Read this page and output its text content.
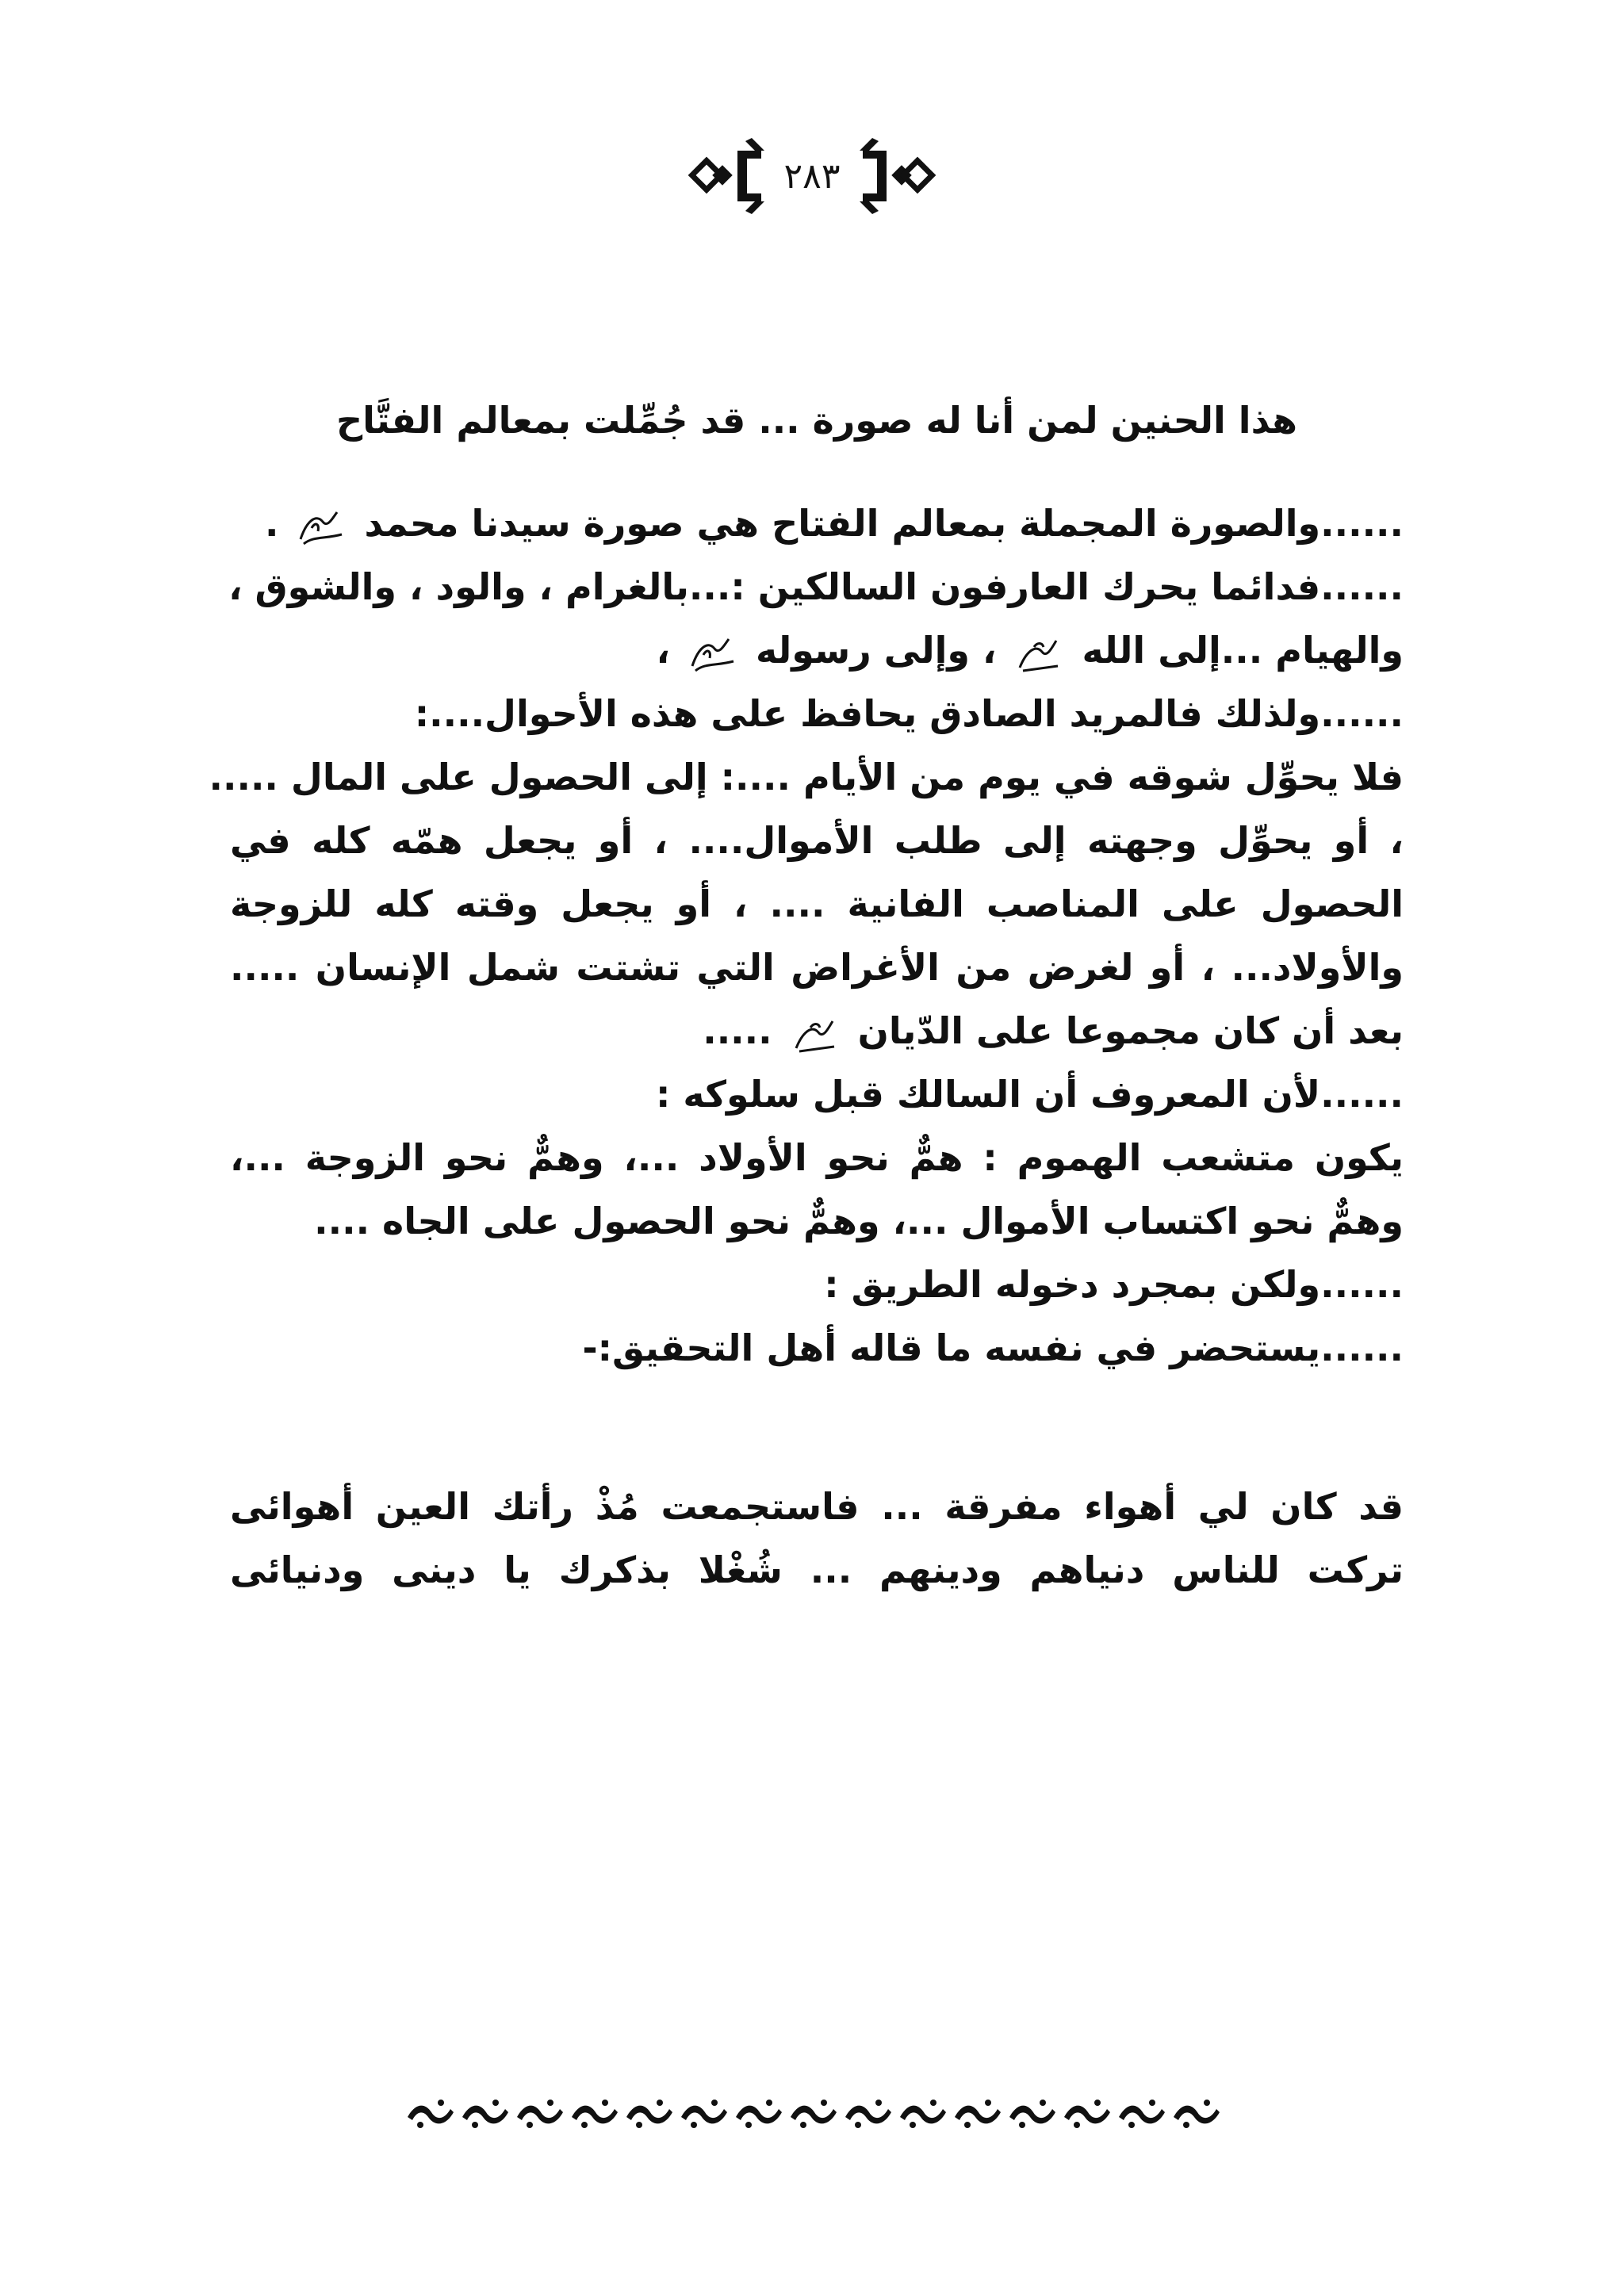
٢٨٣
هذا الحنين لمن أنا له صورة ... قد جُمِّلت بمعالم الفتَّاح
......والصورة المجملة بمعالم الفتاح هي صورة سيدنا محمد  .
......فدائما يحرك العارفون السالكين :...بالغرام ، والود ، والشوق ،
والهيام ...إلى الله  ، وإلى رسوله  ،
......ولذلك فالمريد الصادق يحافظ على هذه الأحوال....:
فلا يحوِّل شوقه في يوم من الأيام ....: إلى الحصول على المال .....
، أو يحوِّل وجهته إلى طلب الأموال.... ، أو يجعل همّه كله في
الحصول على المناصب الفانية .... ، أو يجعل وقته كله للزوجة
والأولاد... ، أو لغرض من الأغراض التي تشتت شمل الإنسان .....
بعد أن كان مجموعا على الدّيان  .....
......لأن المعروف أن السالك قبل سلوكه :
يكون متشعب الهموم : همٌّ نحو الأولاد ...، وهمٌّ نحو الزوجة ...،
وهمٌّ نحو اكتساب الأموال ...، وهمٌّ نحو الحصول على الجاه ....
......ولكن بمجرد دخوله الطريق :
......يستحضر في نفسه ما قاله أهل التحقيق:-
قد كان لي أهواء مفرقة ... فاستجمعت مُذْ رأتك العين أهوائى
تركت للناس دنياهم ودينهم ... شُغْلا بذكرك يا دينى ودنيائى
